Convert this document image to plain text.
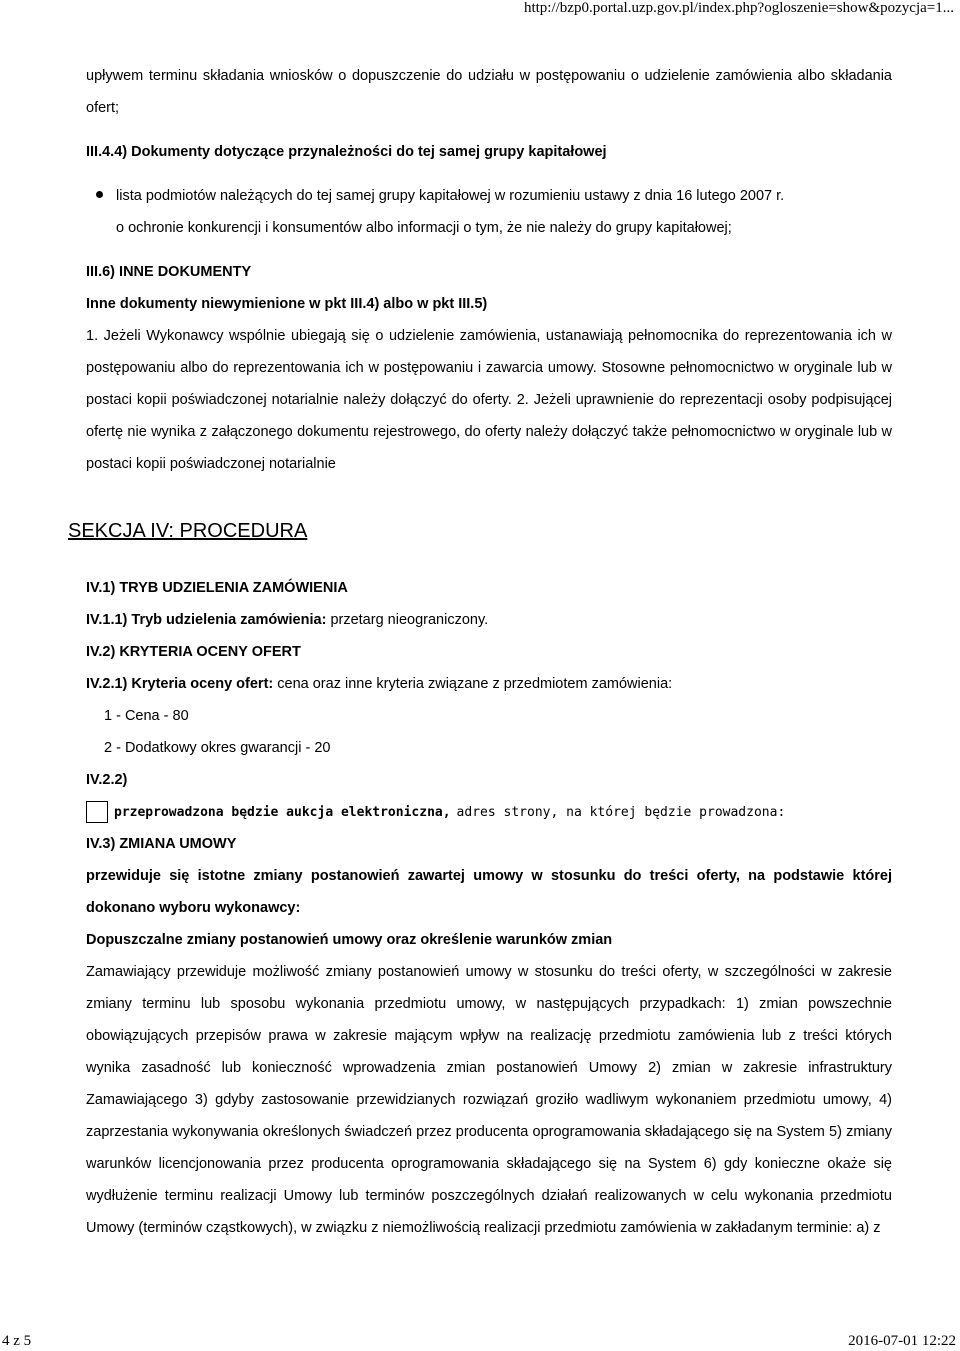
http://bzp0.portal.uzp.gov.pl/index.php?ogloszenie=show&pozycja=1...

upływem terminu składania wniosków o dopuszczenie do udziału w postępowaniu o udzielenie zamówienia albo składania ofert;

III.4.4) Dokumenty dotyczące przynależności do tej samej grupy kapitałowej

lista podmiotów należących do tej samej grupy kapitałowej w rozumieniu ustawy z dnia 16 lutego 2007 r.
o ochronie konkurencji i konsumentów albo informacji o tym, że nie należy do grupy kapitałowej;

III.6) INNE DOKUMENTY

Inne dokumenty niewymienione w pkt III.4) albo w pkt III.5)

1. Jeżeli Wykonawcy wspólnie ubiegają się o udzielenie zamówienia, ustanawiają pełnomocnika do reprezentowania ich w postępowaniu albo do reprezentowania ich w postępowaniu i zawarcia umowy. Stosowne pełnomocnictwo w oryginale lub w postaci kopii poświadczonej notarialnie należy dołączyć do oferty. 2. Jeżeli uprawnienie do reprezentacji osoby podpisującej ofertę nie wynika z załączonego dokumentu rejestrowego, do oferty należy dołączyć także pełnomocnictwo w oryginale lub w postaci kopii poświadczonej notarialnie

SEKCJA IV: PROCEDURA

IV.1) TRYB UDZIELENIA ZAMÓWIENIA

IV.1.1) Tryb udzielenia zamówienia: przetarg nieograniczony.

IV.2) KRYTERIA OCENY OFERT

IV.2.1) Kryteria oceny ofert: cena oraz inne kryteria związane z przedmiotem zamówienia:

1 - Cena - 80

2 - Dodatkowy okres gwarancji - 20

IV.2.2)

przeprowadzona będzie aukcja elektroniczna, adres strony, na której będzie prowadzona:

IV.3) ZMIANA UMOWY

przewiduje się istotne zmiany postanowień zawartej umowy w stosunku do treści oferty, na podstawie której dokonano wyboru wykonawcy:

Dopuszczalne zmiany postanowień umowy oraz określenie warunków zmian

Zamawiający przewiduje możliwość zmiany postanowień umowy w stosunku do treści oferty, w szczególności w zakresie zmiany terminu lub sposobu wykonania przedmiotu umowy, w następujących przypadkach: 1) zmian powszechnie obowiązujących przepisów prawa w zakresie mającym wpływ na realizację przedmiotu zamówienia lub z treści których wynika zasadność lub konieczność wprowadzenia zmian postanowień Umowy 2) zmian w zakresie infrastruktury Zamawiającego 3) gdyby zastosowanie przewidzianych rozwiązań groziło wadliwym wykonaniem przedmiotu umowy, 4) zaprzestania wykonywania określonych świadczeń przez producenta oprogramowania składającego się na System 5) zmiany warunków licencjonowania przez producenta oprogramowania składającego się na System 6) gdy konieczne okaże się wydłużenie terminu realizacji Umowy lub terminów poszczególnych działań realizowanych w celu wykonania przedmiotu Umowy (terminów cząstkowych), w związku z niemożliwością realizacji przedmiotu zamówienia w zakładanym terminie: a) z

4 z 5	2016-07-01 12:22
